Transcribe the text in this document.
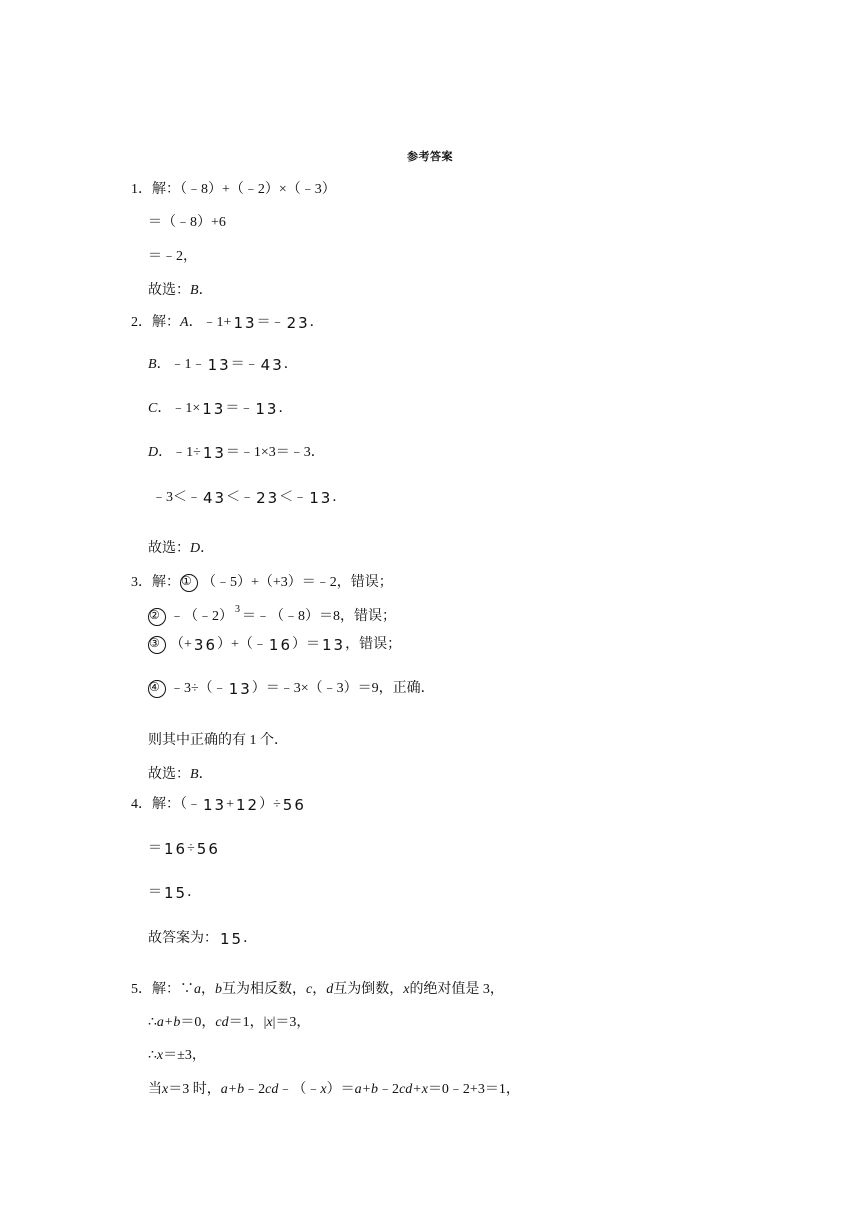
参考答案
1．解：（﹣8）+（﹣2）×（﹣3）
＝（﹣8）+6
＝﹣2，
故选： B ．
2．解： A ．﹣1+ 1 3 ＝﹣ 2 3 ．
B ．﹣1﹣ 1 3 ＝﹣ 4 3 ．
C ．﹣1× 1 3 ＝﹣ 1 3 ．
D ．﹣1÷ 1 3 ＝﹣1×3＝﹣3．
﹣3＜﹣ 4 3 ＜﹣ 2 3 ＜﹣ 1 3 ．
故选： D ．
3．解： ① （﹣5）+（+3）＝﹣2，错误；
② ﹣（﹣2） 3 ＝﹣（﹣8）＝8，错误；
③ （+ 3 6 ）+（﹣ 1 6 ）＝ 1 3 ，错误；
④ ﹣3÷（﹣ 1 3 ）＝﹣3×（﹣3）＝9，正确．
则其中正确的有 1 个．
故选： B ．
4．解：（﹣ 1 3 + 1 2 ）÷ 5 6
＝ 1 6 ÷ 5 6
＝ 1 5 ．
故答案为： 1 5 ．
5．解：∵ a ， b 互为相反数， c ， d 互为倒数， x 的绝对值是 3，
∴ a+b ＝0， cd ＝1，| x |＝3，
∴ x ＝±3，
当 x ＝3 时， a+b ﹣2 cd ﹣（﹣ x ）＝ a+b ﹣2 cd+x ＝0﹣2+3＝1，
